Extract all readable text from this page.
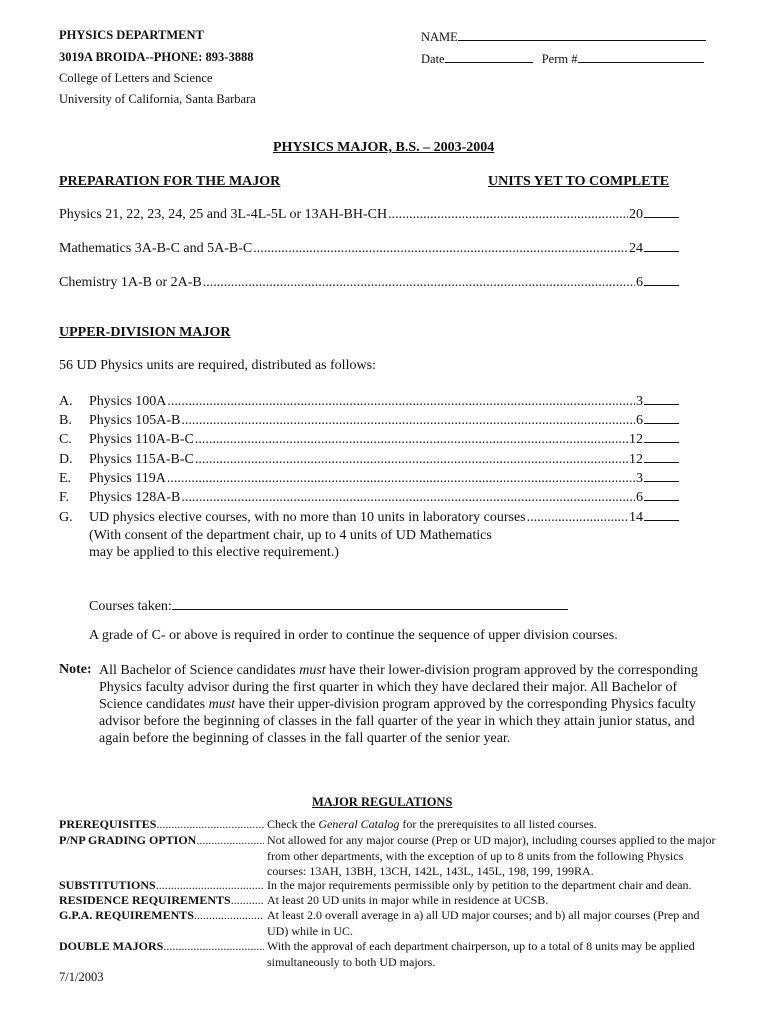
PHYSICS DEPARTMENT
3019A BROIDA--PHONE: 893-3888
College of Letters and Science
University of California, Santa Barbara
NAME
Date	Perm #
PHYSICS MAJOR, B.S. – 2003-2004
PREPARATION FOR THE MAJOR	UNITS YET TO COMPLETE
Physics 21, 22, 23, 24, 25 and 3L-4L-5L or 13AH-BH-CH .....	20
Mathematics 3A-B-C and 5A-B-C .....	24
Chemistry 1A-B or 2A-B .....	6
UPPER-DIVISION MAJOR
56 UD Physics units are required, distributed as follows:
A. Physics 100A .....	3
B. Physics 105A-B .....	6
C. Physics 110A-B-C .....	12
D. Physics 115A-B-C .....	12
E. Physics 119A .....	3
F. Physics 128A-B .....	6
G. UD physics elective courses, with no more than 10 units in laboratory courses .....	14
(With consent of the department chair, up to 4 units of UD Mathematics
may be applied to this elective requirement.)
Courses taken:
A grade of C- or above is required in order to continue the sequence of upper division courses.
Note: All Bachelor of Science candidates must have their lower-division program approved by the corresponding Physics faculty advisor during the first quarter in which they have declared their major. All Bachelor of Science candidates must have their upper-division program approved by the corresponding Physics faculty advisor before the beginning of classes in the fall quarter of the year in which they attain junior status, and again before the beginning of classes in the fall quarter of the senior year.
MAJOR REGULATIONS
PREREQUISITES .....	Check the General Catalog for the prerequisites to all listed courses.
P/NP GRADING OPTION .....	Not allowed for any major course (Prep or UD major), including courses applied to the major from other departments, with the exception of up to 8 units from the following Physics courses: 13AH, 13BH, 13CH, 142L, 143L, 145L, 198, 199, 199RA.
SUBSTITUTIONS .....	In the major requirements permissible only by petition to the department chair and dean.
RESIDENCE REQUIREMENTS .....	At least 20 UD units in major while in residence at UCSB.
G.P.A. REQUIREMENTS .....	At least 2.0 overall average in a) all UD major courses; and b) all major courses (Prep and UD) while in UC.
DOUBLE MAJORS .....	With the approval of each department chairperson, up to a total of 8 units may be applied simultaneously to both UD majors.
7/1/2003
